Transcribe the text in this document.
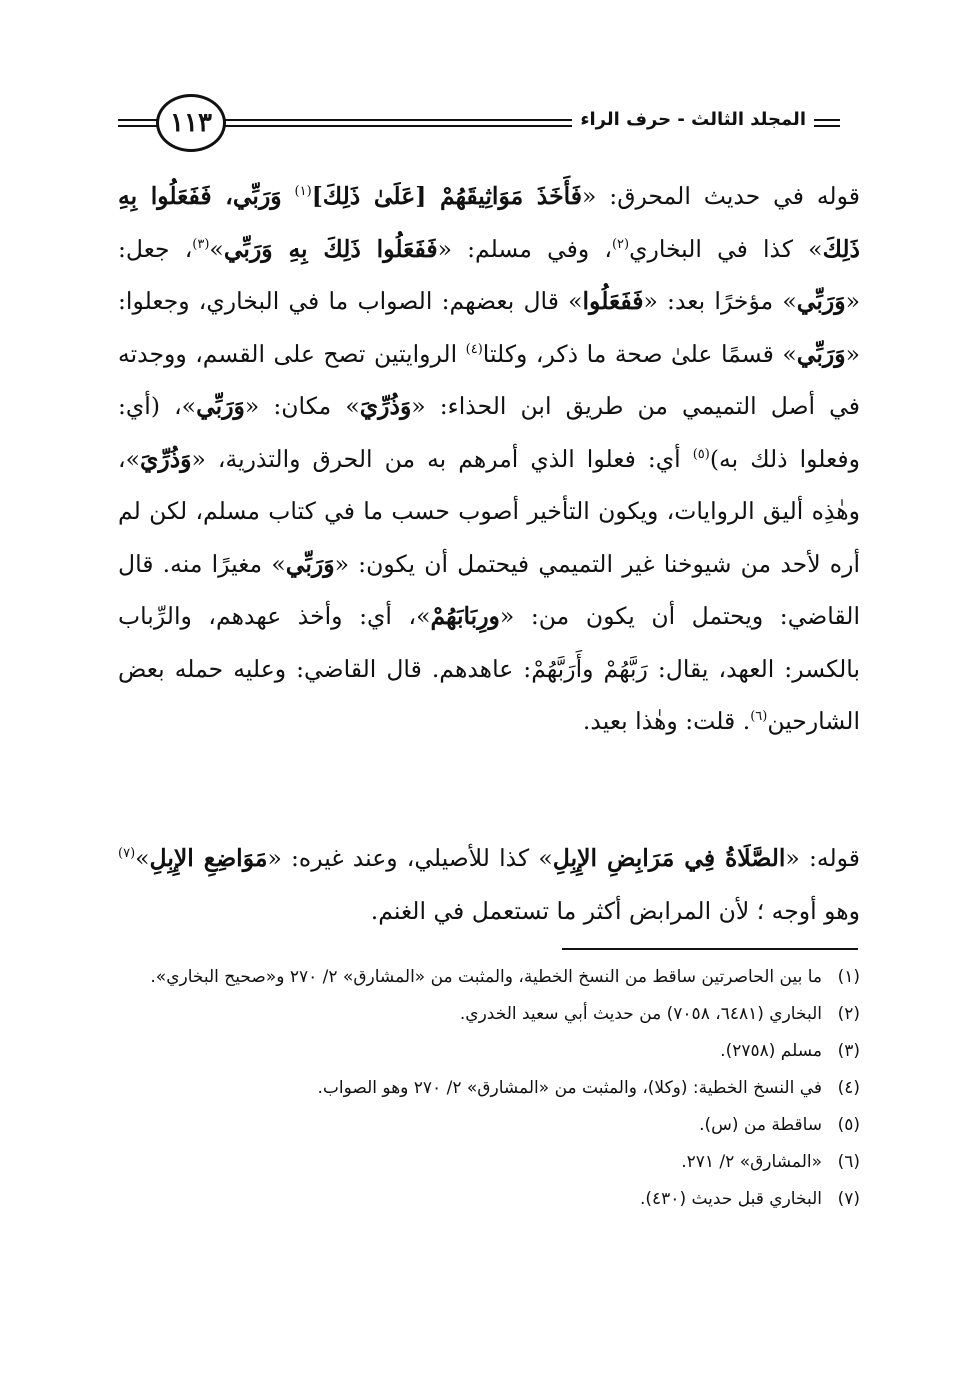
١١٣	المجلد الثالث - حرف الراء

قوله في حديث المحرق: «فَأَخَذَ مَوَاثِيقَهُمْ [عَلَىٰ ذَلِكَ]$^{(١)}$ وَرَبِّي، فَفَعَلُوا بِهِ ذَلِكَ» كذا في البخاري$^{(٢)}$، وفي مسلم: «فَفَعَلُوا ذَلِكَ بِهِ وَرَبِّي»$^{(٣)}$، جعل: «وَرَبِّي» مؤخرًا بعد: «فَفَعَلُوا» قال بعضهم: الصواب ما في البخاري، وجعلوا: «وَرَبِّي» قسمًا علىٰ صحة ما ذكر، وكلتا$^{(٤)}$ الروايتين تصح على القسم، ووجدته في أصل التميمي من طريق ابن الحذاء: «وَذُرِّيَ» مكان: «وَرَبِّي»، (أي: وفعلوا ذلك به)$^{(٥)}$ أي: فعلوا الذي أمرهم به من الحرق والتذرية، «وَذُرِّيَ»، وهٰذِه أليق الروايات، ويكون التأخير أصوب حسب ما في كتاب مسلم، لكن لم أره لأحد من شيوخنا غير التميمي فيحتمل أن يكون: «وَرَبِّي» مغيرًا منه. قال القاضي: ويحتمل أن يكون من: «ورِبَابَهُمْ»، أي: وأخذ عهدهم، والرِّباب بالكسر: العهد، يقال: رَبَّهُمْ وأَرَبَّهُمْ: عاهدهم. قال القاضي: وعليه حمله بعض الشارحين$^{(٦)}$. قلت: وهٰذا بعيد.

قوله: «الصَّلَاةُ فِي مَرَابِضِ الإِبِلِ» كذا للأصيلي، وعند غيره: «مَوَاضِعِ الإِبِلِ»$^{(٧)}$ وهو أوجه ؛ لأن المرابض أكثر ما تستعمل في الغنم.

(١)
ما بين الحاصرتين ساقط من النسخ الخطية، والمثبت من «المشارق» ٢/ ٢٧٠ و«صحيح البخاري».
(٢)
البخاري (٦٤٨١، ٧٠٥٨) من حديث أبي سعيد الخدري.
(٣)
مسلم (٢٧٥٨).
(٤)
في النسخ الخطية: (وكلا)، والمثبت من «المشارق» ٢/ ٢٧٠ وهو الصواب.
(٥)
ساقطة من (س).
(٦)
«المشارق» ٢/ ٢٧١.
(٧)
البخاري قبل حديث (٤٣٠).
